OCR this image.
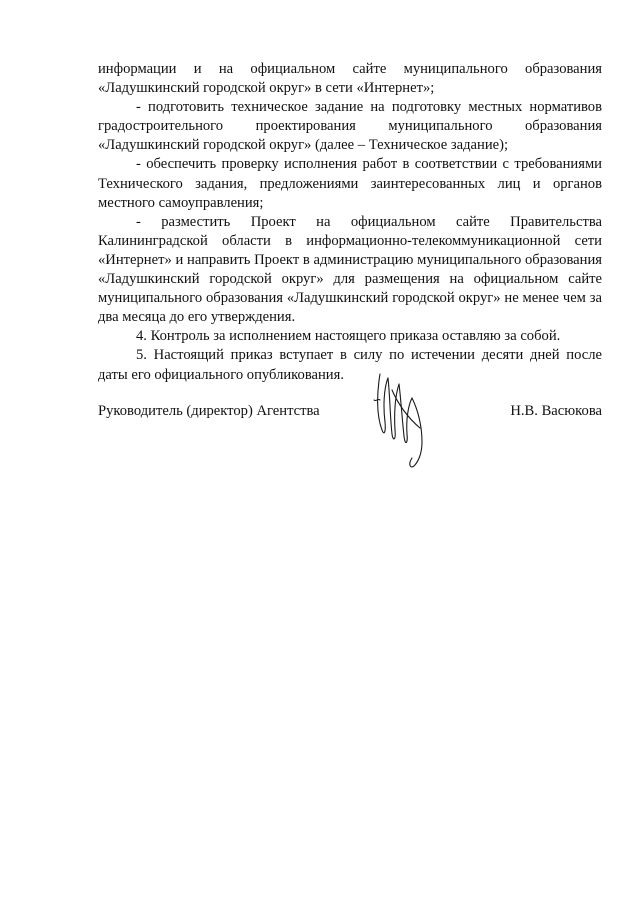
информации и на официальном сайте муниципального образования «Ладушкинский городской округ» в сети «Интернет»;

- подготовить техническое задание на подготовку местных нормативов градостроительного проектирования муниципального образования «Ладушкинский городской округ» (далее – Техническое задание);

- обеспечить проверку исполнения работ в соответствии с требованиями Технического задания, предложениями заинтересованных лиц и органов местного самоуправления;

- разместить Проект на официальном сайте Правительства Калининградской области в информационно-телекоммуникационной сети «Интернет» и направить Проект в администрацию муниципального образования «Ладушкинский городской округ» для размещения на официальном сайте муниципального образования «Ладушкинский городской округ» не менее чем за два месяца до его утверждения.

4. Контроль за исполнением настоящего приказа оставляю за собой.

5. Настоящий приказ вступает в силу по истечении десяти дней после даты его официального опубликования.

Руководитель (директор) Агентства	Н.В. Васюкова
